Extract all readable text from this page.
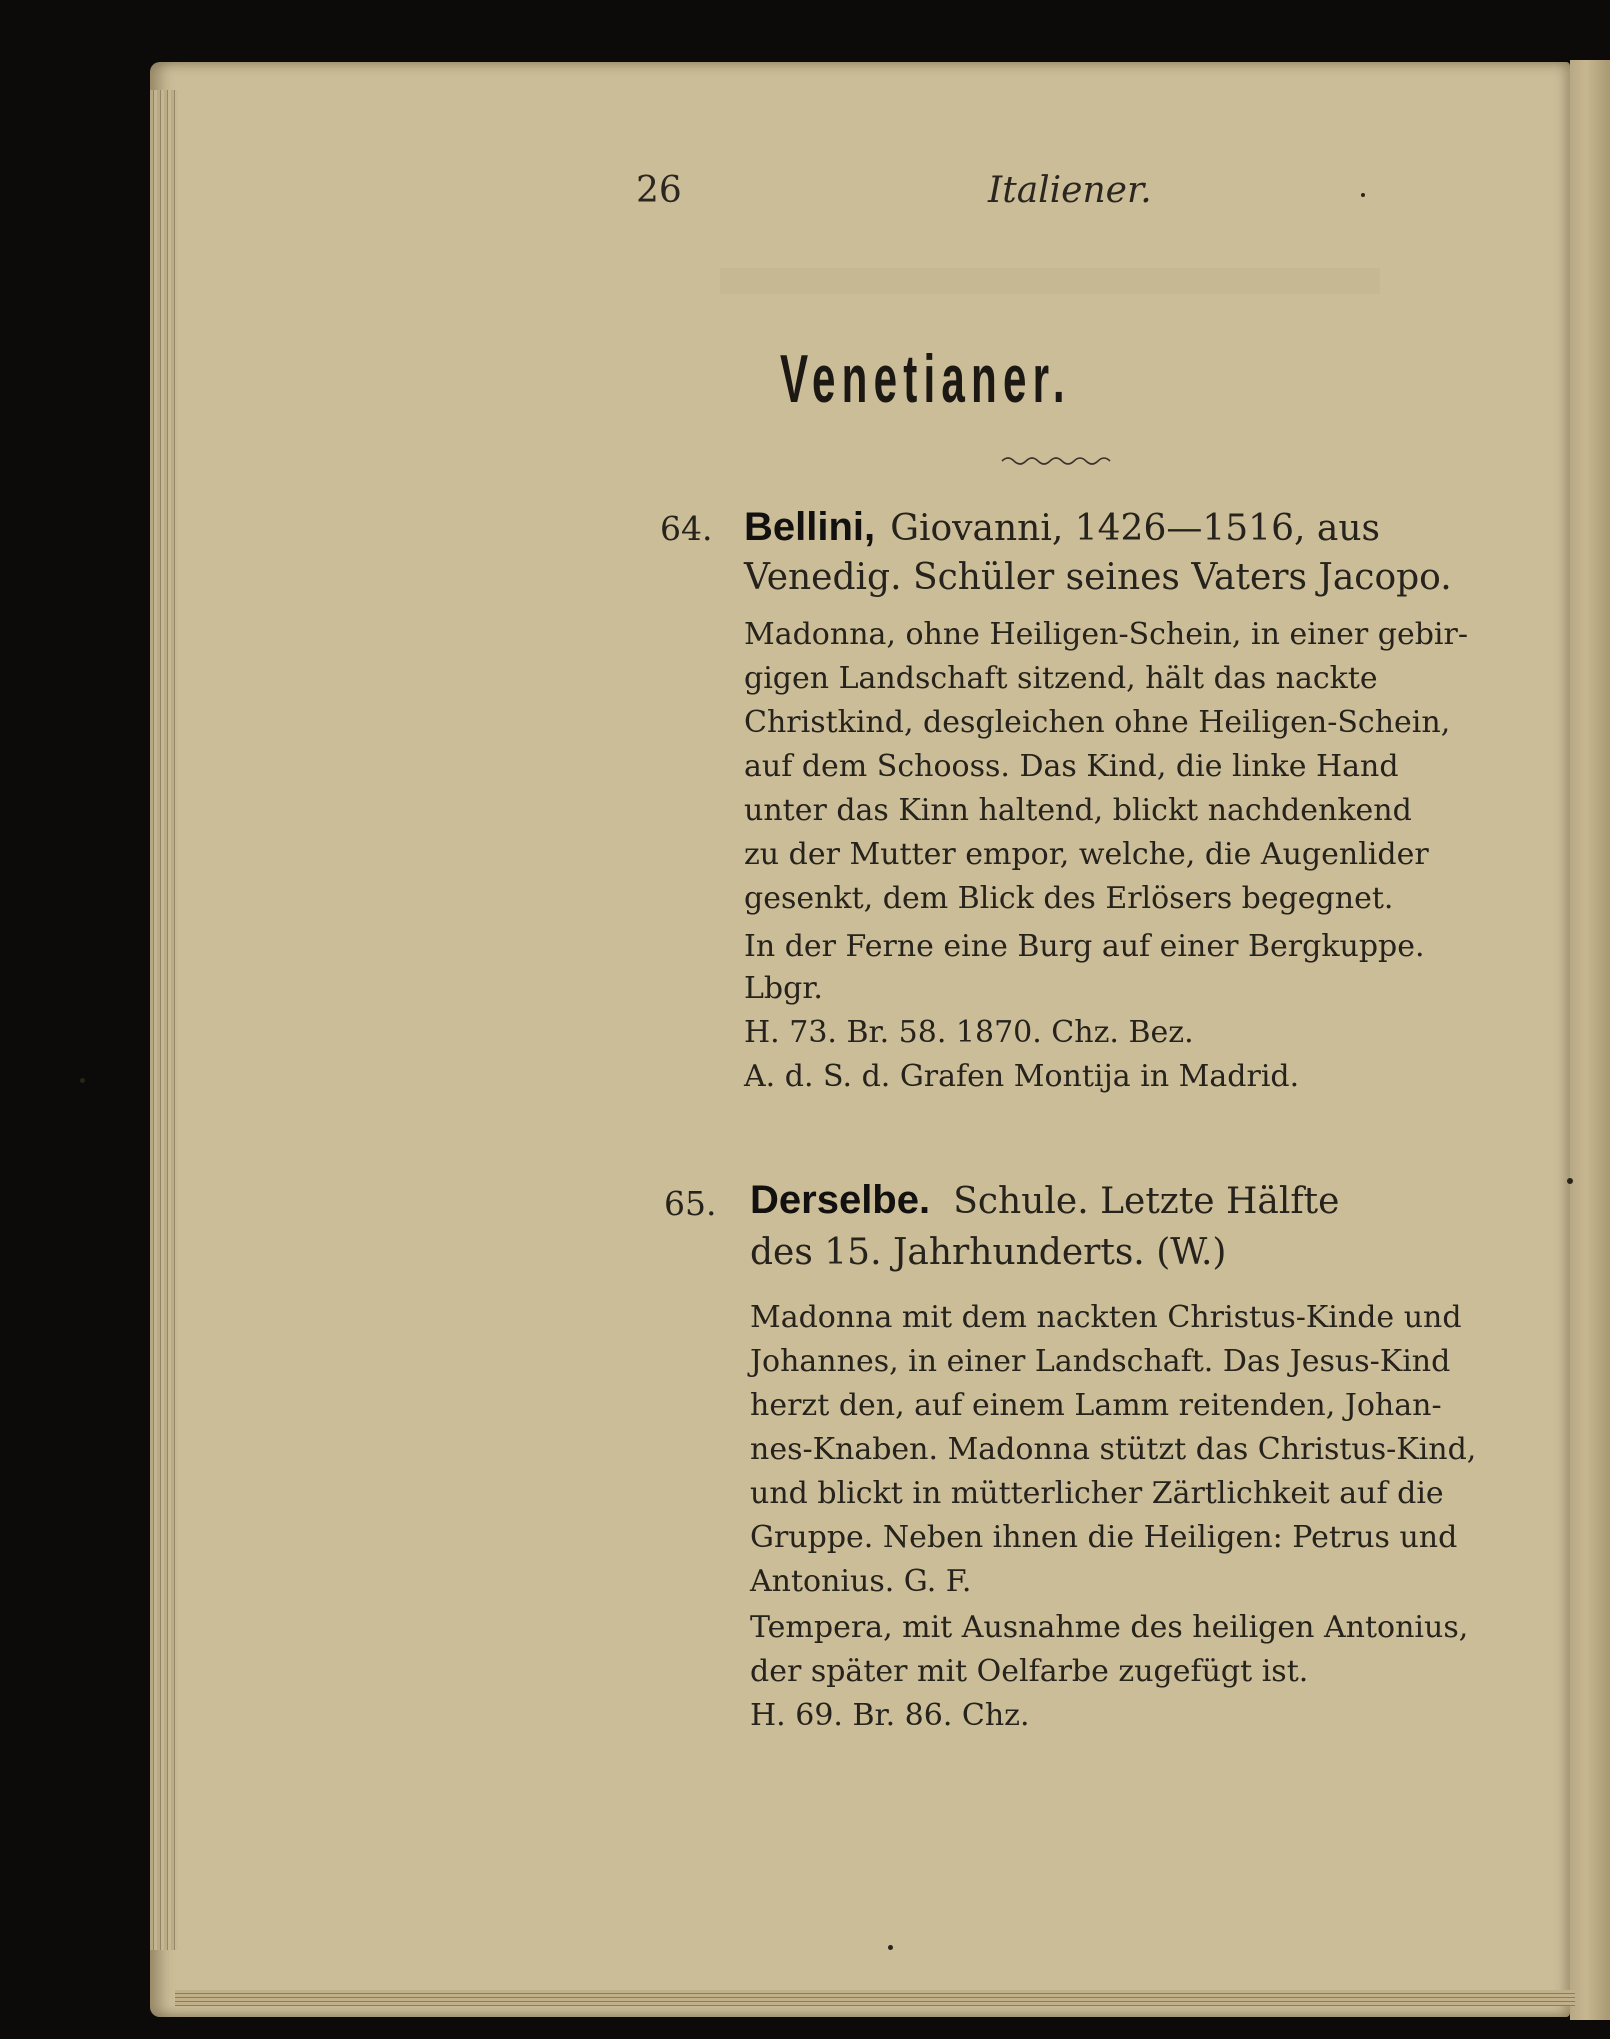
26	Italiener.
Venetianer.
64. Bellini, Giovanni, 1426—1516, aus
Venedig. Schüler seines Vaters Jacopo.
Madonna, ohne Heiligen-Schein, in einer gebir-
gigen Landschaft sitzend, hält das nackte
Christkind, desgleichen ohne Heiligen-Schein,
auf dem Schooss. Das Kind, die linke Hand
unter das Kinn haltend, blickt nachdenkend
zu der Mutter empor, welche, die Augenlider
gesenkt, dem Blick des Erlösers begegnet.
In der Ferne eine Burg auf einer Bergkuppe.
Lbgr.
H. 73. Br. 58. 1870. Chz. Bez.
A. d. S. d. Grafen Montija in Madrid.
65. Derselbe. Schule. Letzte Hälfte
des 15. Jahrhunderts. (W.)
Madonna mit dem nackten Christus-Kinde und
Johannes, in einer Landschaft. Das Jesus-Kind
herzt den, auf einem Lamm reitenden, Johan-
nes-Knaben. Madonna stützt das Christus-Kind,
und blickt in mütterlicher Zärtlichkeit auf die
Gruppe. Neben ihnen die Heiligen: Petrus und
Antonius. G. F.
Tempera, mit Ausnahme des heiligen Antonius,
der später mit Oelfarbe zugefügt ist.
H. 69. Br. 86. Chz.
